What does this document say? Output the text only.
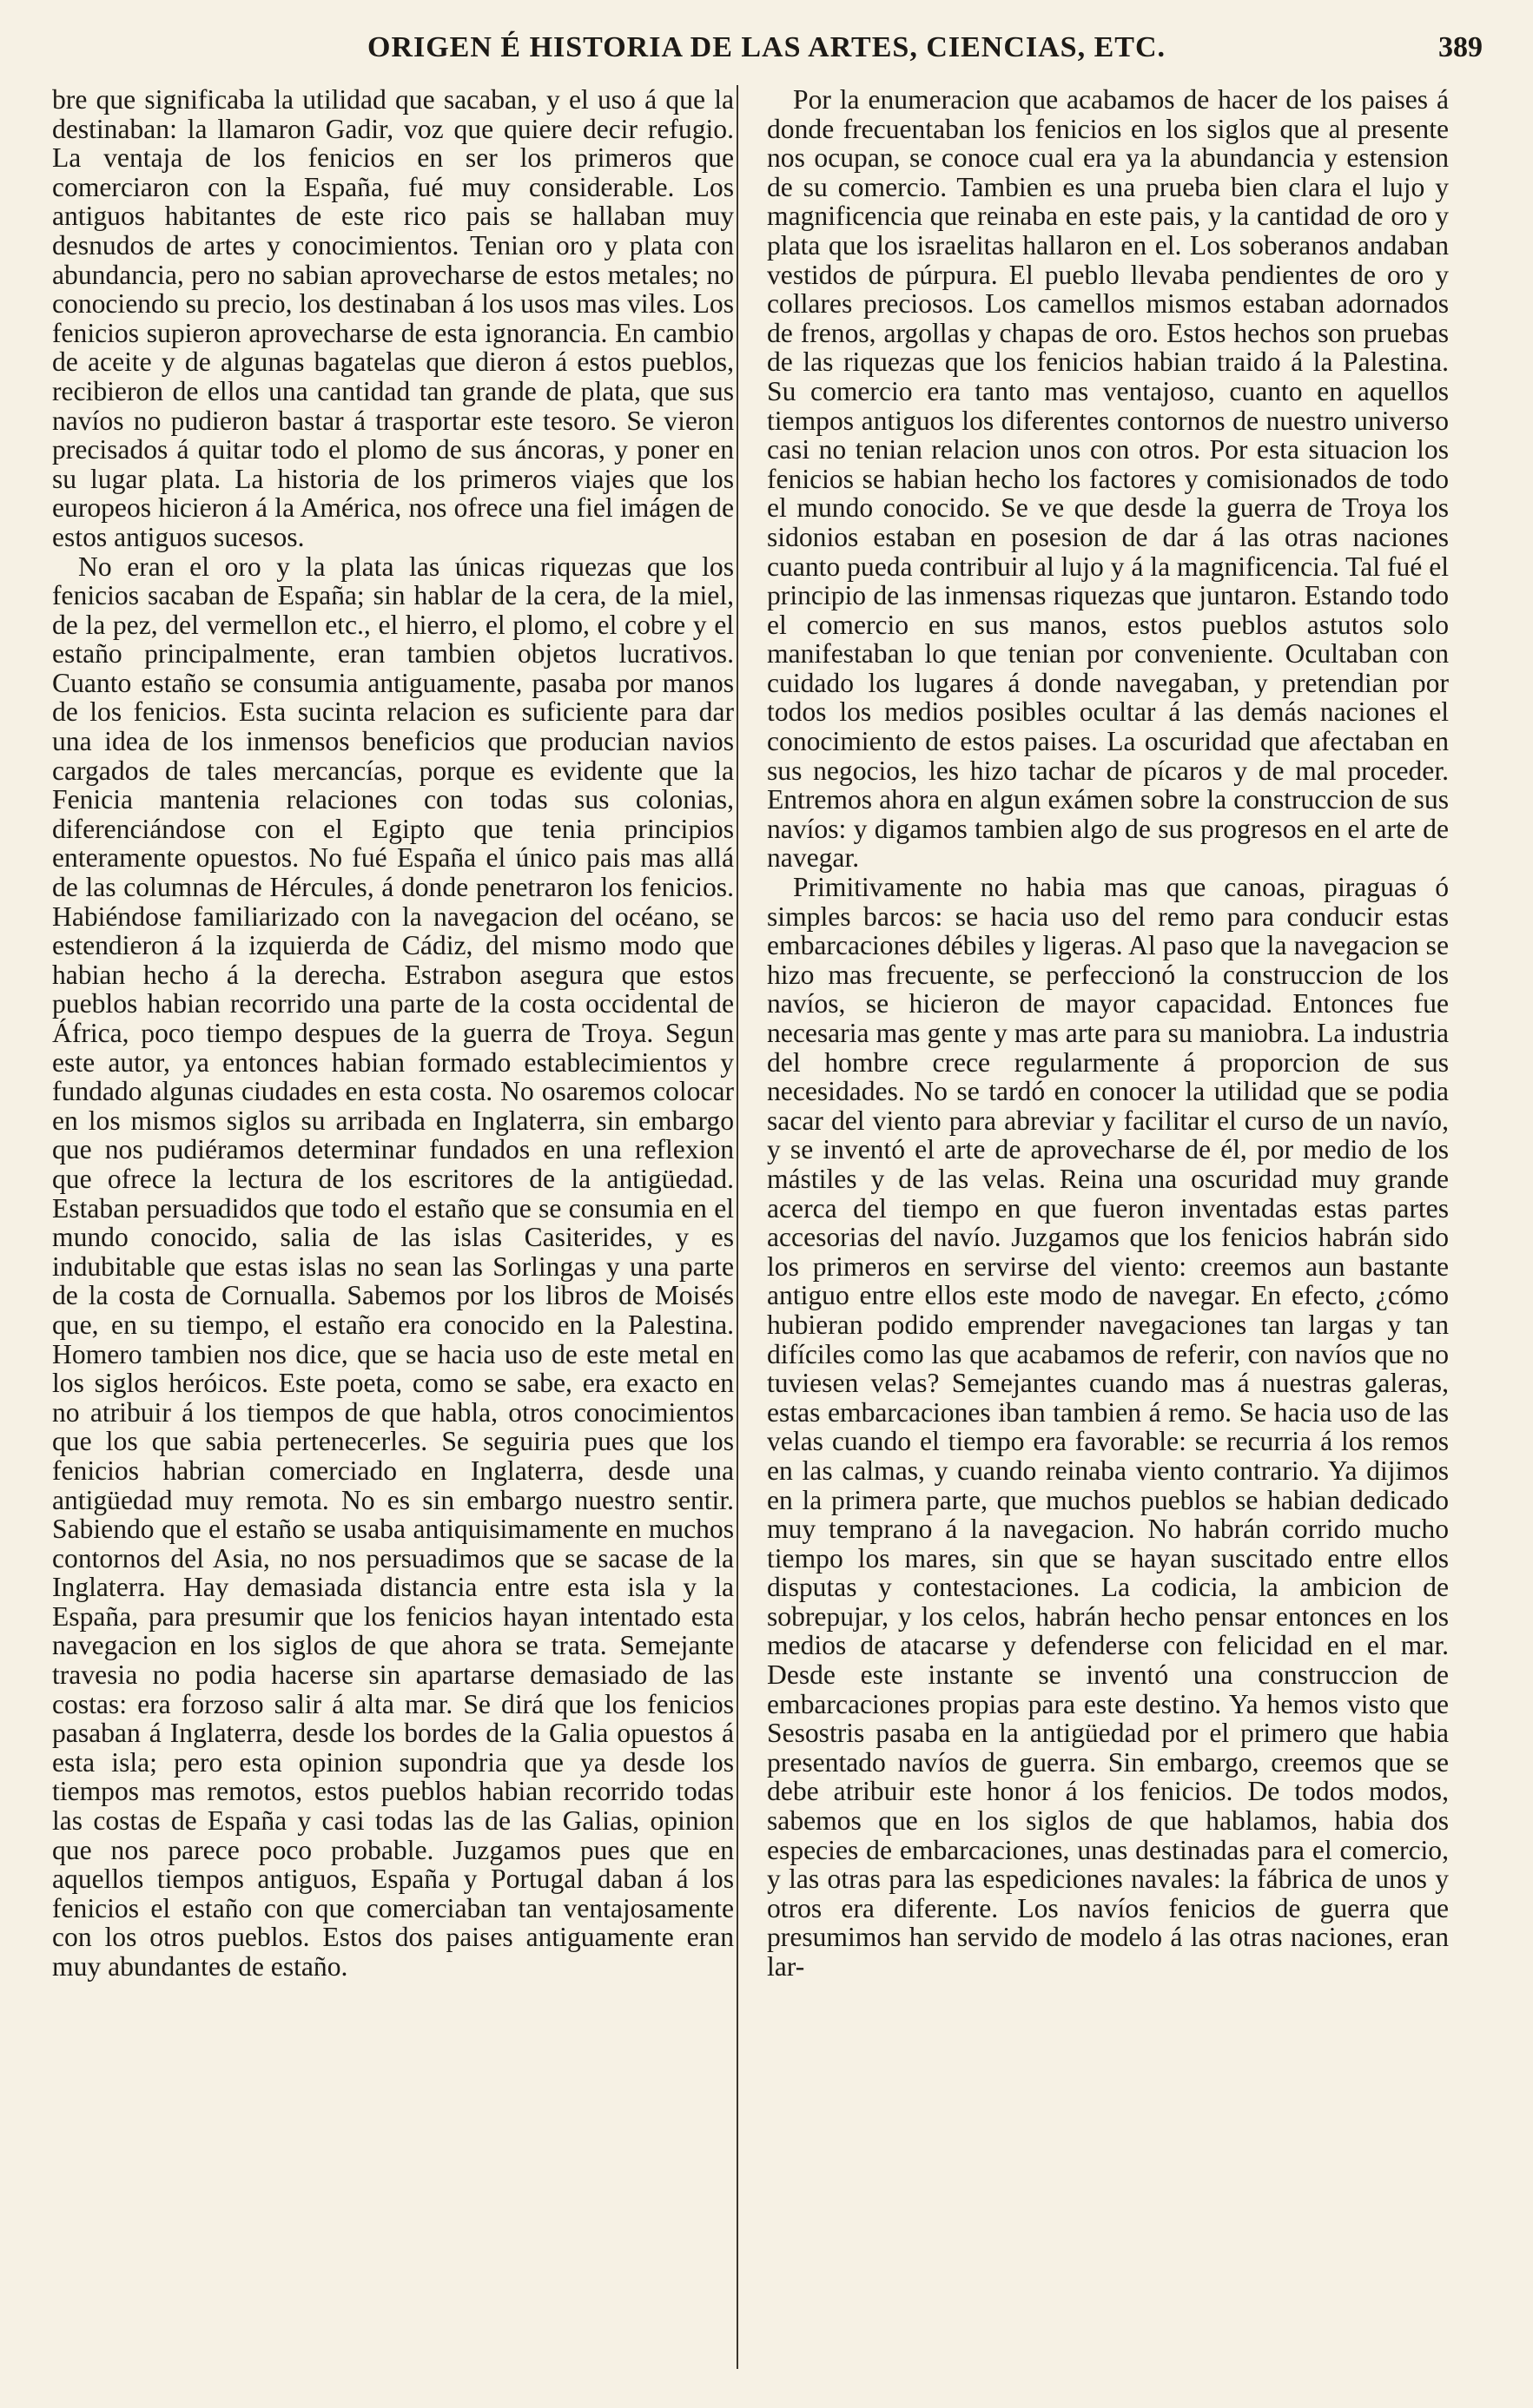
ORIGEN É HISTORIA DE LAS ARTES, CIENCIAS, ETC.	389

bre que significaba la utilidad que sacaban, y el uso á que la destinaban: la llamaron Gadir, voz que quiere decir refugio. La ventaja de los fenicios en ser los primeros que comerciaron con la España, fué muy considerable. Los antiguos habitantes de este rico pais se hallaban muy desnudos de artes y conocimientos. Tenian oro y plata con abundancia, pero no sabian aprovecharse de estos metales; no conociendo su precio, los destinaban á los usos mas viles. Los fenicios supieron aprovecharse de esta ignorancia. En cambio de aceite y de algunas bagatelas que dieron á estos pueblos, recibieron de ellos una cantidad tan grande de plata, que sus navíos no pudieron bastar á trasportar este tesoro. Se vieron precisados á quitar todo el plomo de sus áncoras, y poner en su lugar plata. La historia de los primeros viajes que los europeos hicieron á la América, nos ofrece una fiel imágen de estos antiguos sucesos.

No eran el oro y la plata las únicas riquezas que los fenicios sacaban de España; sin hablar de la cera, de la miel, de la pez, del vermellon etc., el hierro, el plomo, el cobre y el estaño principalmente, eran tambien objetos lucrativos. Cuanto estaño se consumia antiguamente, pasaba por manos de los fenicios. Esta sucinta relacion es suficiente para dar una idea de los inmensos beneficios que producian navios cargados de tales mercancías, porque es evidente que la Fenicia mantenia relaciones con todas sus colonias, diferenciándose con el Egipto que tenia principios enteramente opuestos. No fué España el único pais mas allá de las columnas de Hércules, á donde penetraron los fenicios. Habiéndose familiarizado con la navegacion del océano, se estendieron á la izquierda de Cádiz, del mismo modo que habian hecho á la derecha. Estrabon asegura que estos pueblos habian recorrido una parte de la costa occidental de África, poco tiempo despues de la guerra de Troya. Segun este autor, ya entonces habian formado establecimientos y fundado algunas ciudades en esta costa. No osaremos colocar en los mismos siglos su arribada en Inglaterra, sin embargo que nos pudiéramos determinar fundados en una reflexion que ofrece la lectura de los escritores de la antigüedad. Estaban persuadidos que todo el estaño que se consumia en el mundo conocido, salia de las islas Casiterides, y es indubitable que estas islas no sean las Sorlingas y una parte de la costa de Cornualla. Sabemos por los libros de Moisés que, en su tiempo, el estaño era conocido en la Palestina. Homero tambien nos dice, que se hacia uso de este metal en los siglos heróicos. Este poeta, como se sabe, era exacto en no atribuir á los tiempos de que habla, otros conocimientos que los que sabia pertenecerles. Se seguiria pues que los fenicios habrian comerciado en Inglaterra, desde una antigüedad muy remota. No es sin embargo nuestro sentir. Sabiendo que el estaño se usaba antiquisimamente en muchos contornos del Asia, no nos persuadimos que se sacase de la Inglaterra. Hay demasiada distancia entre esta isla y la España, para presumir que los fenicios hayan intentado esta navegacion en los siglos de que ahora se trata. Semejante travesia no podia hacerse sin apartarse demasiado de las costas: era forzoso salir á alta mar. Se dirá que los fenicios pasaban á Inglaterra, desde los bordes de la Galia opuestos á esta isla; pero esta opinion supondria que ya desde los tiempos mas remotos, estos pueblos habian recorrido todas las costas de España y casi todas las de las Galias, opinion que nos parece poco probable. Juzgamos pues que en aquellos tiempos antiguos, España y Portugal daban á los fenicios el estaño con que comerciaban tan ventajosamente con los otros pueblos. Estos dos paises antiguamente eran muy abundantes de estaño.

Por la enumeracion que acabamos de hacer de los paises á donde frecuentaban los fenicios en los siglos que al presente nos ocupan, se conoce cual era ya la abundancia y estension de su comercio. Tambien es una prueba bien clara el lujo y magnificencia que reinaba en este pais, y la cantidad de oro y plata que los israelitas hallaron en el. Los soberanos andaban vestidos de púrpura. El pueblo llevaba pendientes de oro y collares preciosos. Los camellos mismos estaban adornados de frenos, argollas y chapas de oro. Estos hechos son pruebas de las riquezas que los fenicios habian traido á la Palestina. Su comercio era tanto mas ventajoso, cuanto en aquellos tiempos antiguos los diferentes contornos de nuestro universo casi no tenian relacion unos con otros. Por esta situacion los fenicios se habian hecho los factores y comisionados de todo el mundo conocido. Se ve que desde la guerra de Troya los sidonios estaban en posesion de dar á las otras naciones cuanto pueda contribuir al lujo y á la magnificencia. Tal fué el principio de las inmensas riquezas que juntaron. Estando todo el comercio en sus manos, estos pueblos astutos solo manifestaban lo que tenian por conveniente. Ocultaban con cuidado los lugares á donde navegaban, y pretendian por todos los medios posibles ocultar á las demás naciones el conocimiento de estos paises. La oscuridad que afectaban en sus negocios, les hizo tachar de pícaros y de mal proceder. Entremos ahora en algun exámen sobre la construccion de sus navíos: y digamos tambien algo de sus progresos en el arte de navegar.

Primitivamente no habia mas que canoas, piraguas ó simples barcos: se hacia uso del remo para conducir estas embarcaciones débiles y ligeras. Al paso que la navegacion se hizo mas frecuente, se perfeccionó la construccion de los navíos, se hicieron de mayor capacidad. Entonces fue necesaria mas gente y mas arte para su maniobra. La industria del hombre crece regularmente á proporcion de sus necesidades. No se tardó en conocer la utilidad que se podia sacar del viento para abreviar y facilitar el curso de un navío, y se inventó el arte de aprovecharse de él, por medio de los mástiles y de las velas. Reina una oscuridad muy grande acerca del tiempo en que fueron inventadas estas partes accesorias del navío. Juzgamos que los fenicios habrán sido los primeros en servirse del viento: creemos aun bastante antiguo entre ellos este modo de navegar. En efecto, ¿cómo hubieran podido emprender navegaciones tan largas y tan difíciles como las que acabamos de referir, con navíos que no tuviesen velas? Semejantes cuando mas á nuestras galeras, estas embarcaciones iban tambien á remo. Se hacia uso de las velas cuando el tiempo era favorable: se recurria á los remos en las calmas, y cuando reinaba viento contrario. Ya dijimos en la primera parte, que muchos pueblos se habian dedicado muy temprano á la navegacion. No habrán corrido mucho tiempo los mares, sin que se hayan suscitado entre ellos disputas y contestaciones. La codicia, la ambicion de sobrepujar, y los celos, habrán hecho pensar entonces en los medios de atacarse y defenderse con felicidad en el mar. Desde este instante se inventó una construccion de embarcaciones propias para este destino. Ya hemos visto que Sesostris pasaba en la antigüedad por el primero que habia presentado navíos de guerra. Sin embargo, creemos que se debe atribuir este honor á los fenicios. De todos modos, sabemos que en los siglos de que hablamos, habia dos especies de embarcaciones, unas destinadas para el comercio, y las otras para las espediciones navales: la fábrica de unos y otros era diferente. Los navíos fenicios de guerra que presumimos han servido de modelo á las otras naciones, eran lar-
